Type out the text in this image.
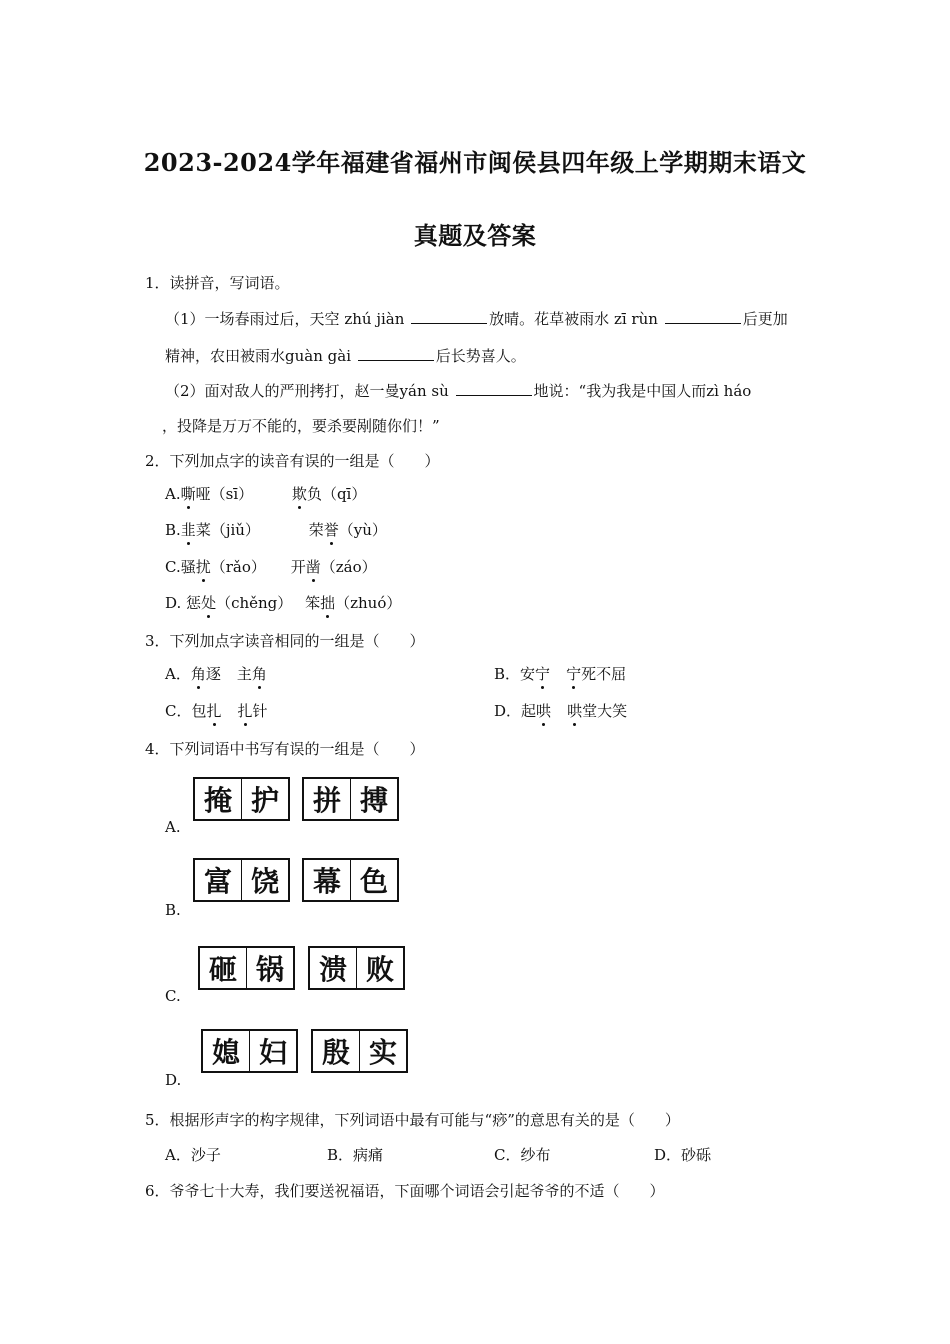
2023-2024学年福建省福州市闽侯县四年级上学期期末语文
真题及答案
1．读拼音，写词语。
（1）一场春雨过后，天空 zhú jiàn	放晴。花草被雨水 zī rùn	后更加
精神，农田被雨水guàn gài	后长势喜人。
（2）面对敌人的严刑拷打，赵一曼yán sù	地说：“我为我是中国人而zì háo
，投降是万万不能的，要杀要剐随你们！”
2．下列加点字的读音有误的一组是（　　）
A.嘶哑（sī）	欺负（qī）
B.韭菜（jiǔ）	荣誉（yù）
C.骚扰（rǎo） 开凿（záo）
D. 惩处（chěng） 笨拙（zhuó）
3．下列加点字读音相同的一组是（　　）
A．角逐 主角	B．安宁 宁死不屈
C．包扎 扎针	D．起哄 哄堂大笑
4．下列词语中书写有误的一组是（　　）
掩 护	拼 搏
A.
富 饶	幕 色
B.
砸 锅	溃 败
C.
媳 妇	殷 实
D.
5．根据形声字的构字规律，下列词语中最有可能与“痧”的意思有关的是（　　）
A．沙子	B．病痛	C．纱布	D．砂砾
6．爷爷七十大寿，我们要送祝福语，下面哪个词语会引起爷爷的不适（　　）
